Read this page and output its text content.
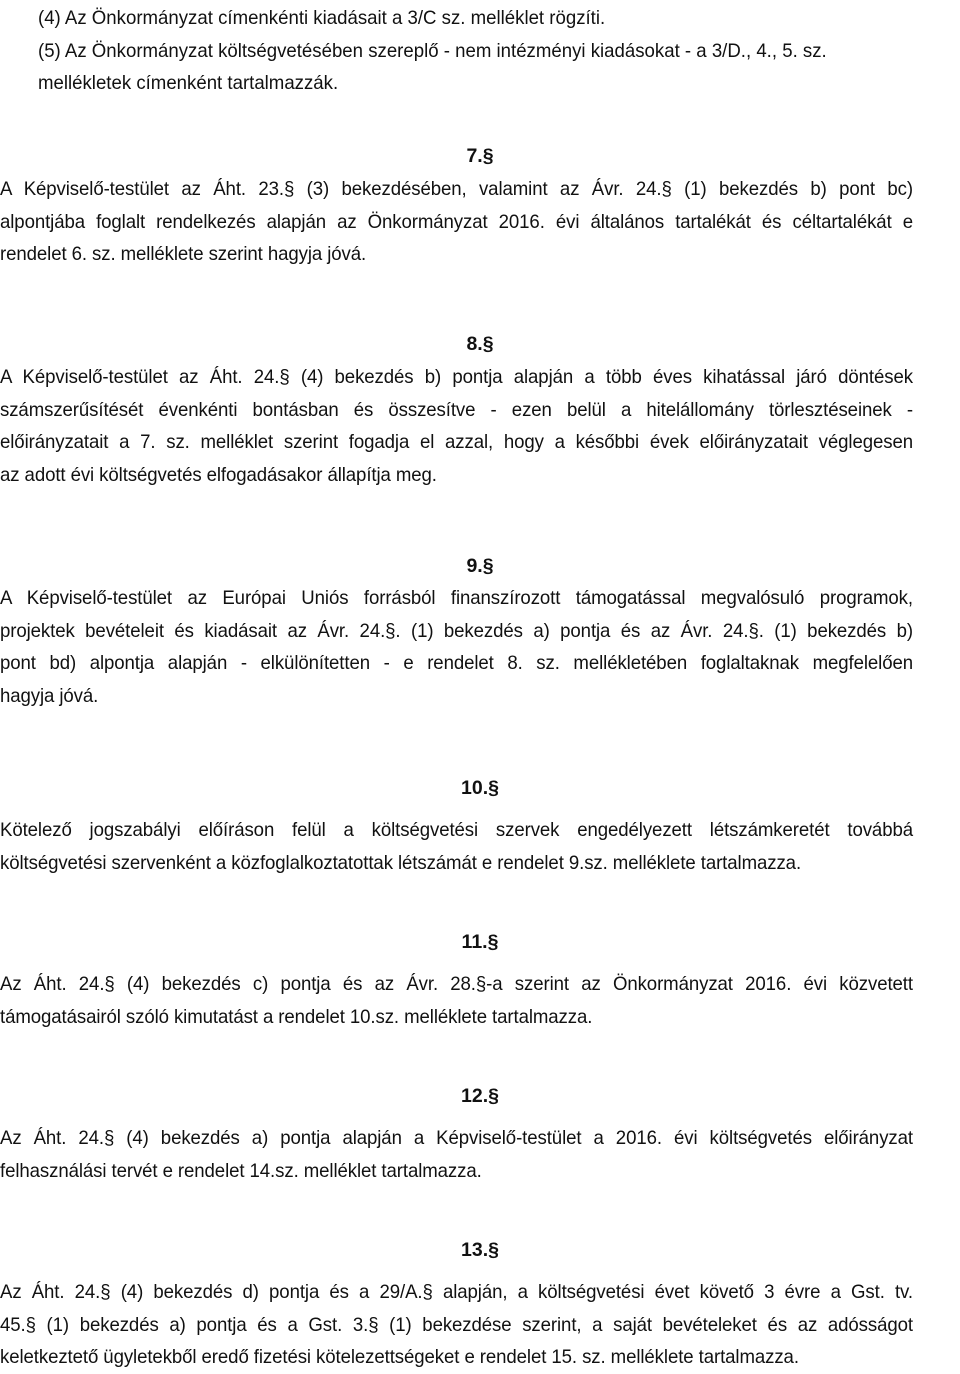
(4) Az Önkormányzat címenkénti kiadásait a 3/C sz. melléklet rögzíti.

(5) Az Önkormányzat költségvetésében szereplő - nem intézményi kiadásokat - a 3/D., 4., 5. sz.

mellékletek címenként tartalmazzák.

7.§

A Képviselő-testület az Áht. 23.§ (3) bekezdésében, valamint az Ávr. 24.§ (1) bekezdés b) pont bc)
alpontjába foglalt rendelkezés alapján az Önkormányzat 2016. évi általános tartalékát és céltartalékát e
rendelet 6. sz. melléklete szerint hagyja jóvá.

8.§

A Képviselő-testület az Áht. 24.§ (4) bekezdés b) pontja alapján a több éves kihatással járó döntések
számszerűsítését évenkénti bontásban és összesítve - ezen belül a hitelállomány törlesztéseinek -
előirányzatait a 7. sz. melléklet szerint fogadja el azzal, hogy a későbbi évek előirányzatait véglegesen
az adott évi költségvetés elfogadásakor állapítja meg.

9.§

A Képviselő-testület az Európai Uniós forrásból finanszírozott támogatással megvalósuló programok,
projektek bevételeit és kiadásait az Ávr. 24.§. (1) bekezdés a) pontja és az Ávr. 24.§. (1) bekezdés b)
pont bd) alpontja alapján - elkülönítetten - e rendelet 8. sz. mellékletében foglaltaknak megfelelően
hagyja jóvá.

10.§

Kötelező jogszabályi előíráson felül a költségvetési szervek engedélyezett létszámkeretét továbbá
költségvetési szervenként a közfoglalkoztatottak létszámát e rendelet 9.sz. melléklete tartalmazza.

11.§

Az Áht. 24.§ (4) bekezdés c) pontja és az Ávr. 28.§-a szerint az Önkormányzat 2016. évi közvetett
támogatásairól szóló kimutatást a rendelet 10.sz. melléklete tartalmazza.

12.§

Az Áht. 24.§ (4) bekezdés a) pontja alapján a Képviselő-testület a 2016. évi költségvetés előirányzat
felhasználási tervét e rendelet 14.sz. melléklet tartalmazza.

13.§

Az Áht. 24.§ (4) bekezdés d) pontja és a 29/A.§ alapján, a költségvetési évet követő 3 évre a Gst. tv.
45.§ (1) bekezdés a) pontja és a Gst. 3.§ (1) bekezdése szerint, a saját bevételeket és az adósságot
keletkeztető ügyletekből eredő fizetési kötelezettségeket e rendelet 15. sz. melléklete tartalmazza.
